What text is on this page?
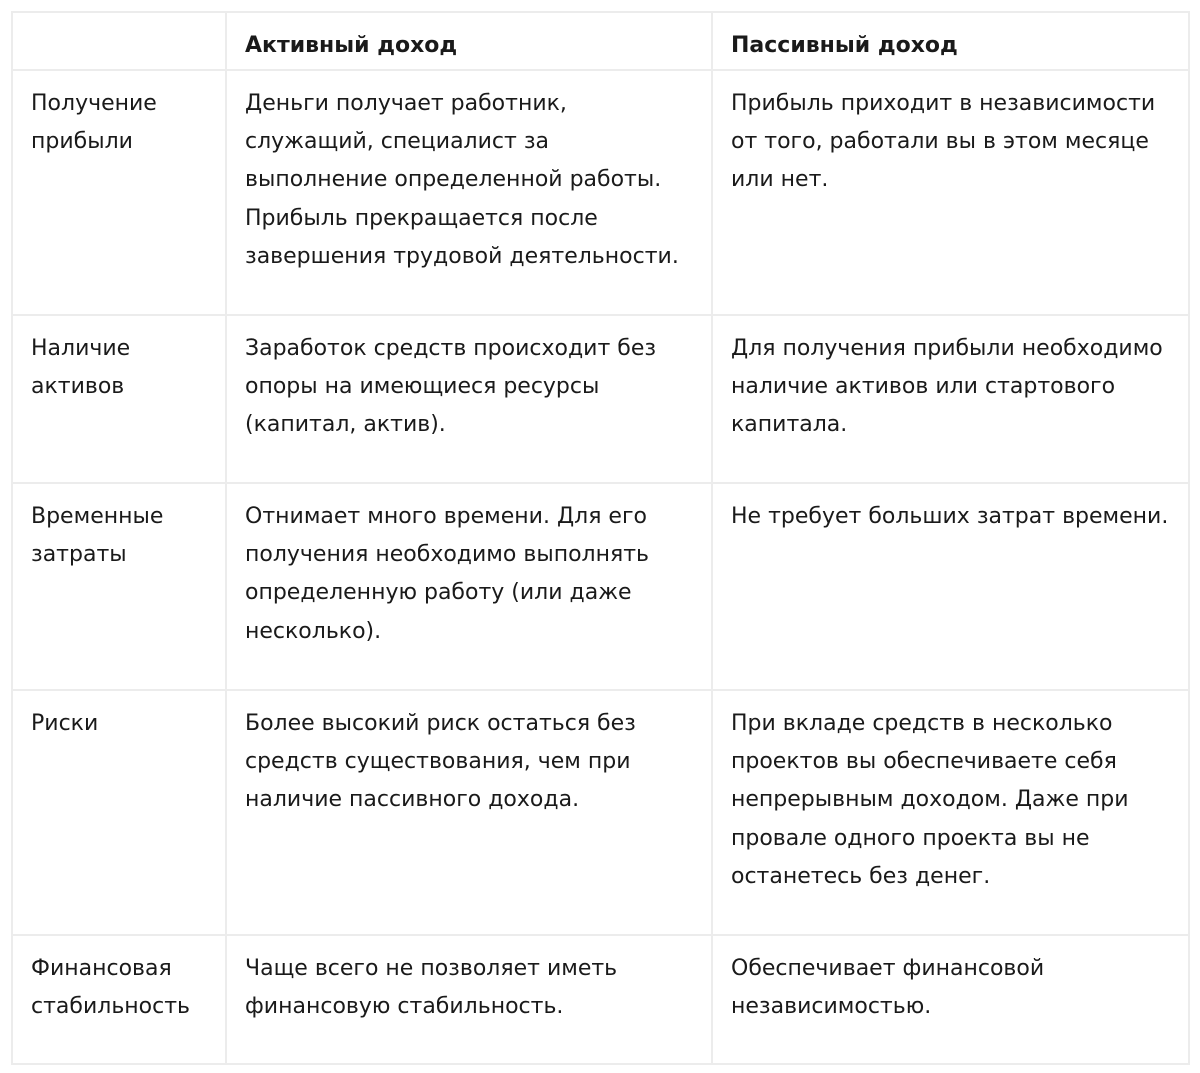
	Активный доход	Пассивный доход
Получение прибыли	Деньги получает работник, служащий, специалист за выполнение определенной работы. Прибыль прекращается после завершения трудовой деятельности.	Прибыль приходит в независимости от того, работали вы в этом месяце или нет.
Наличие активов	Заработок средств происходит без опоры на имеющиеся ресурсы (капитал, актив).	Для получения прибыли необходимо наличие активов или стартового капитала.
Временные затраты	Отнимает много времени. Для его получения необходимо выполнять определенную работу (или даже несколько).	Не требует больших затрат времени.
Риски	Более высокий риск остаться без средств существования, чем при наличие пассивного дохода.	При вкладе средств в несколько проектов вы обеспечиваете себя непрерывным доходом. Даже при провале одного проекта вы не останетесь без денег.
Финансовая стабильность	Чаще всего не позволяет иметь финансовую стабильность.	Обеспечивает финансовой независимостью.
